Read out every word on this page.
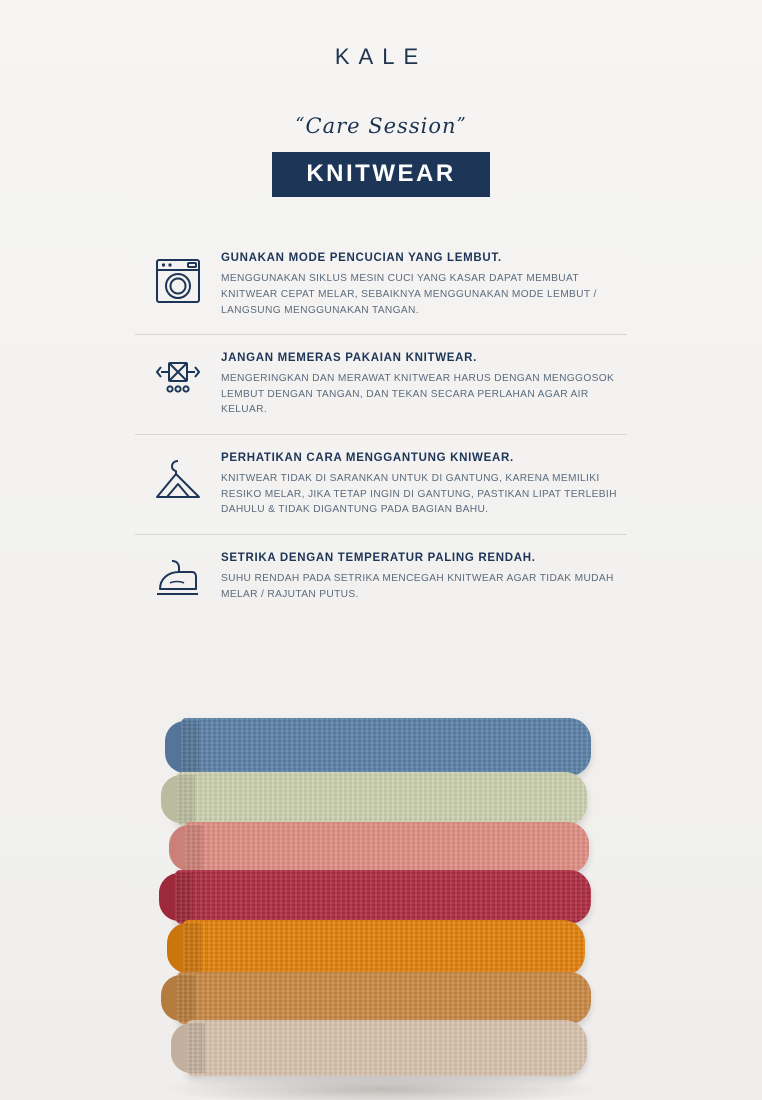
KALE
“Care Session”
KNITWEAR
GUNAKAN MODE PENCUCIAN YANG LEMBUT.
MENGGUNAKAN SIKLUS MESIN CUCI YANG KASAR DAPAT MEMBUAT KNITWEAR CEPAT MELAR, SEBAIKNYA MENGGUNAKAN MODE LEMBUT / LANGSUNG MENGGUNAKAN TANGAN.
JANGAN MEMERAS PAKAIAN KNITWEAR.
MENGERINGKAN DAN MERAWAT KNITWEAR HARUS DENGAN MENGGOSOK LEMBUT DENGAN TANGAN, DAN TEKAN SECARA PERLAHAN AGAR AIR KELUAR.
PERHATIKAN CARA MENGGANTUNG KNIWEAR.
KNITWEAR TIDAK DI SARANKAN UNTUK DI GANTUNG, KARENA MEMILIKI RESIKO MELAR, JIKA TETAP INGIN DI GANTUNG, PASTIKAN LIPAT TERLEBIH DAHULU & TIDAK DIGANTUNG PADA BAGIAN BAHU.
SETRIKA DENGAN TEMPERATUR PALING RENDAH.
SUHU RENDAH PADA SETRIKA MENCEGAH KNITWEAR AGAR TIDAK MUDAH MELAR / RAJUTAN PUTUS.
